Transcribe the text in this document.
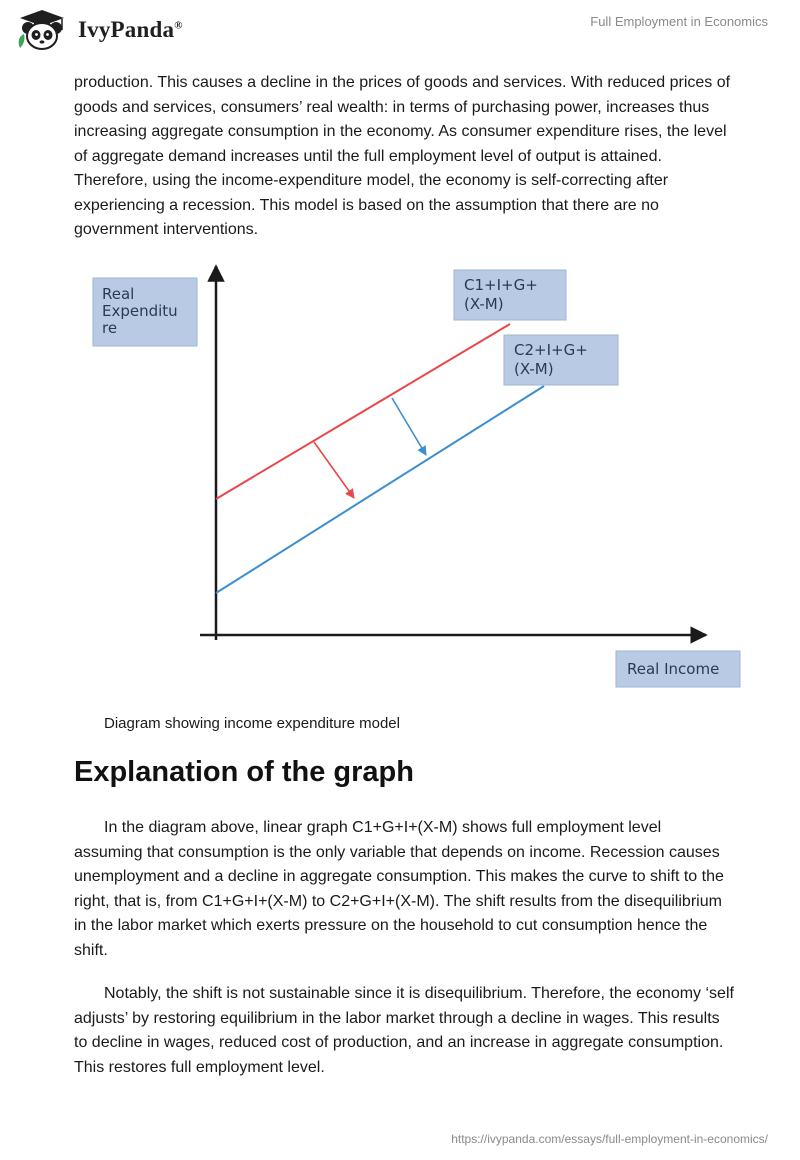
IvyPanda®	Full Employment in Economics

production. This causes a decline in the prices of goods and services. With reduced prices of goods and services, consumers’ real wealth: in terms of purchasing power, increases thus increasing aggregate consumption in the economy. As consumer expenditure rises, the level of aggregate demand increases until the full employment level of output is attained. Therefore, using the income-expenditure model, the economy is self-correcting after experiencing a recession. This model is based on the assumption that there are no government interventions.

Real
Expenditu
re
C1+I+G+
(X-M)
C2+I+G+
(X-M)
Real Income
Diagram showing income expenditure model
Explanation of the graph

In the diagram above, linear graph C1+G+I+(X-M) shows full employment level assuming that consumption is the only variable that depends on income. Recession causes unemployment and a decline in aggregate consumption. This makes the curve to shift to the right, that is, from C1+G+I+(X-M) to C2+G+I+(X-M). The shift results from the disequilibrium in the labor market which exerts pressure on the household to cut consumption hence the shift.

Notably, the shift is not sustainable since it is disequilibrium. Therefore, the economy ‘self adjusts’ by restoring equilibrium in the labor market through a decline in wages. This results to decline in wages, reduced cost of production, and an increase in aggregate consumption. This restores full employment level.

https://ivypanda.com/essays/full-employment-in-economics/
